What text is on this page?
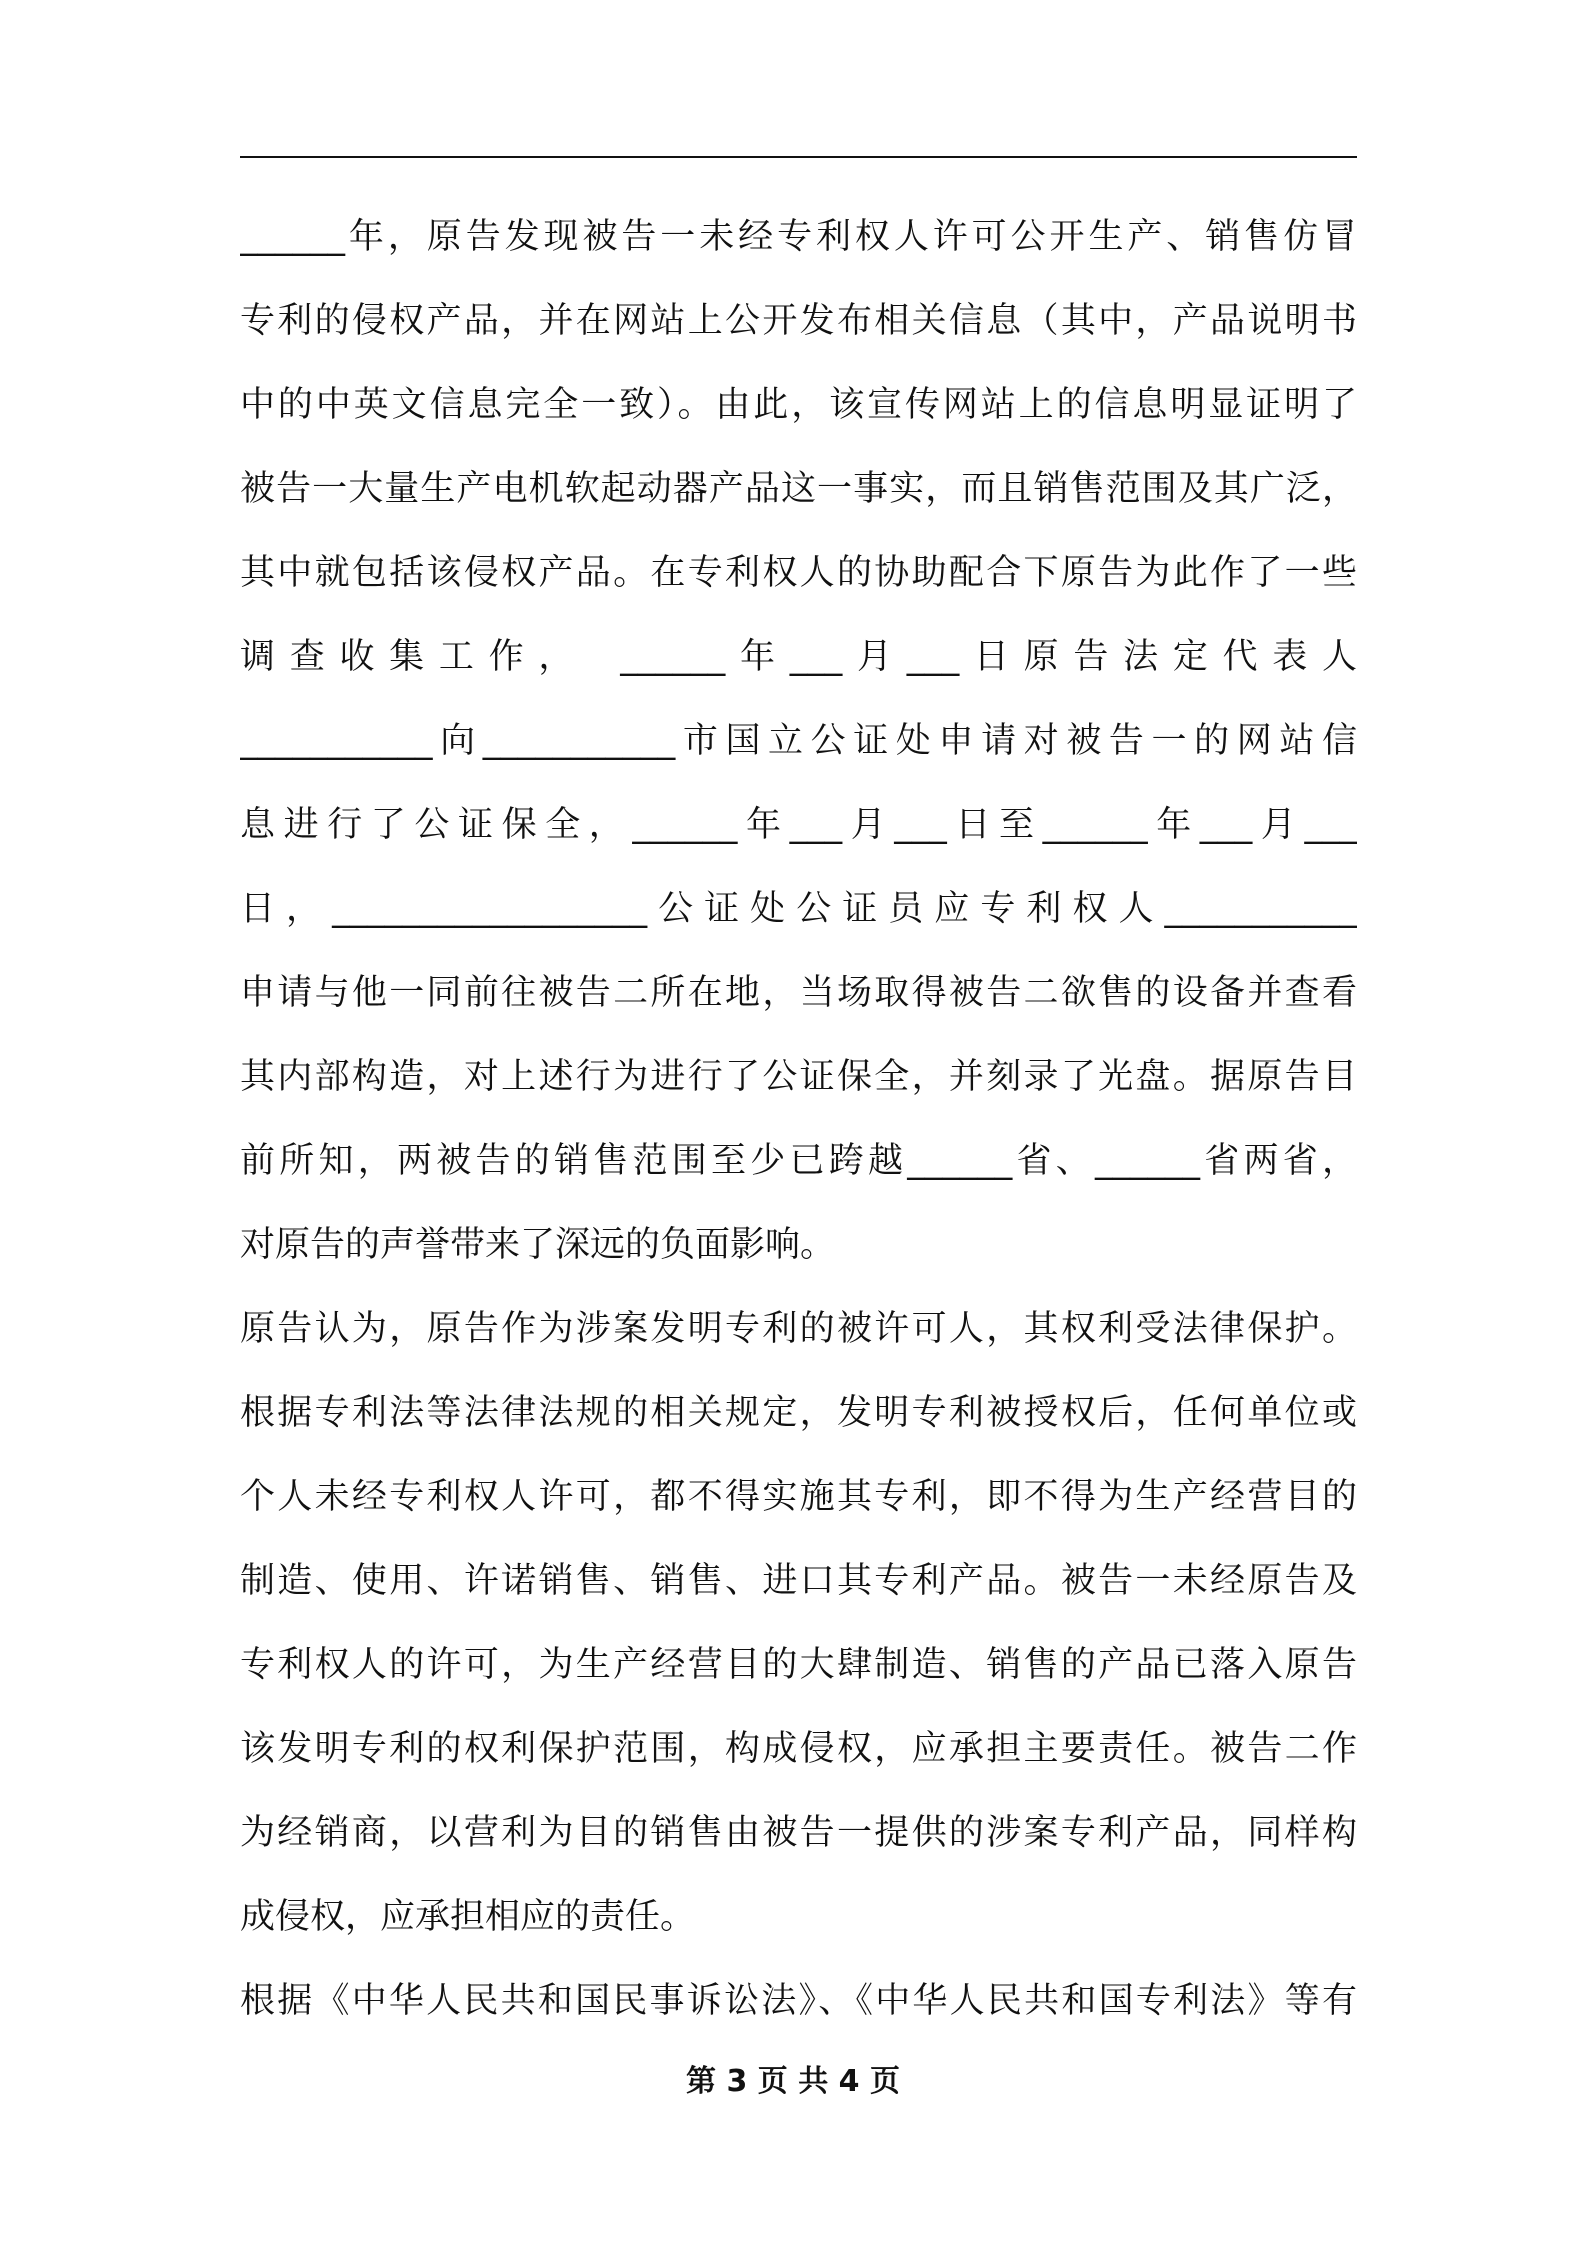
______年，原告发现被告一未经专利权人许可公开生产、销售仿冒
专利的侵权产品，并在网站上公开发布相关信息（其中，产品说明书
中的中英文信息完全一致）。由此，该宣传网站上的信息明显证明了
被告一大量生产电机软起动器产品这一事实，而且销售范围及其广泛，
其中就包括该侵权产品。在专利权人的协助配合下原告为此作了一些
调查收集工作，　______年___月___日原告法定代表人
___________向___________市国立公证处申请对被告一的网站信
息进行了公证保全，______年___月___日至______年___月___
日，__________________公证处公证员应专利权人___________
申请与他一同前往被告二所在地，当场取得被告二欲售的设备并查看
其内部构造，对上述行为进行了公证保全，并刻录了光盘。据原告目
前所知，两被告的销售范围至少已跨越______省、______省两省，
对原告的声誉带来了深远的负面影响。
原告认为，原告作为涉案发明专利的被许可人，其权利受法律保护。
根据专利法等法律法规的相关规定，发明专利被授权后，任何单位或
个人未经专利权人许可，都不得实施其专利，即不得为生产经营目的
制造、使用、许诺销售、销售、进口其专利产品。被告一未经原告及
专利权人的许可，为生产经营目的大肆制造、销售的产品已落入原告
该发明专利的权利保护范围，构成侵权，应承担主要责任。被告二作
为经销商，以营利为目的销售由被告一提供的涉案专利产品，同样构
成侵权，应承担相应的责任。
根据《中华人民共和国民事诉讼法》、《中华人民共和国专利法》等有
第 3 页 共 4 页
